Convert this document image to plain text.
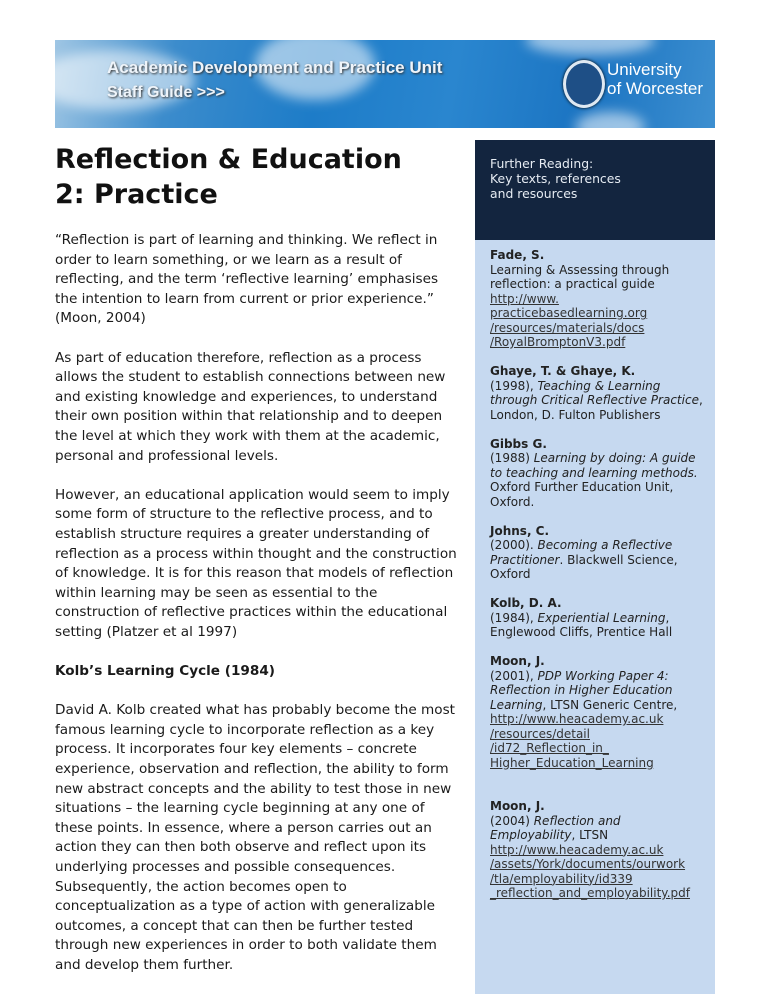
Academic Development and Practice Unit
Staff Guide >>>
University
of Worcester
Reflection & Education
2: Practice

“Reflection is part of learning and thinking. We reflect in order to learn something, or we learn as a result of reflecting, and the term ‘reflective learning’ emphasises the intention to learn from current or prior experience.” (Moon, 2004)

As part of education therefore, reflection as a process allows the student to establish connections between new and existing knowledge and experiences, to understand their own position within that relationship and to deepen the level at which they work with them at the academic, personal and professional levels.

However, an educational application would seem to imply some form of structure to the reflective process, and to establish structure requires a greater understanding of reflection as a process within thought and the construction of knowledge. It is for this reason that models of reflection within learning may be seen as essential to the construction of reflective practices within the educational setting (Platzer et al 1997)

Kolb’s Learning Cycle (1984)

David A. Kolb created what has probably become the most famous learning cycle to incorporate reflection as a key process. It incorporates four key elements – concrete experience, observation and reflection, the ability to form new abstract concepts and the ability to test those in new situations – the learning cycle beginning at any one of these points. In essence, where a person carries out an action they can then both observe and reflect upon its underlying processes and possible consequences. Subsequently, the action becomes open to conceptualization as a type of action with generalizable outcomes, a concept that can then be further tested through new experiences in order to both validate them and develop them further.

Further Reading:
Key texts, references
and resources
Fade, S.
Learning & Assessing through reflection: a practical guide
http://www.
practicebasedlearning.org
/resources/materials/docs
/RoyalBromptonV3.pdf
Ghaye, T. & Ghaye, K.
(1998), Teaching & Learning through Critical Reflective Practice, London, D. Fulton Publishers
Gibbs G.
(1988) Learning by doing: A guide to teaching and learning methods. Oxford Further Education Unit, Oxford.
Johns, C.
(2000). Becoming a Reflective Practitioner. Blackwell Science, Oxford
Kolb, D. A.
(1984), Experiential Learning, Englewood Cliffs, Prentice Hall
Moon, J.
(2001), PDP Working Paper 4: Reflection in Higher Education Learning, LTSN Generic Centre,
http://www.heacademy.ac.uk
/resources/detail
/id72_Reflection_in_
Higher_Education_Learning
Moon, J.
(2004) Reflection and Employability, LTSN
http://www.heacademy.ac.uk
/assets/York/documents/ourwork
/tla/employability/id339
_reflection_and_employability.pdf
